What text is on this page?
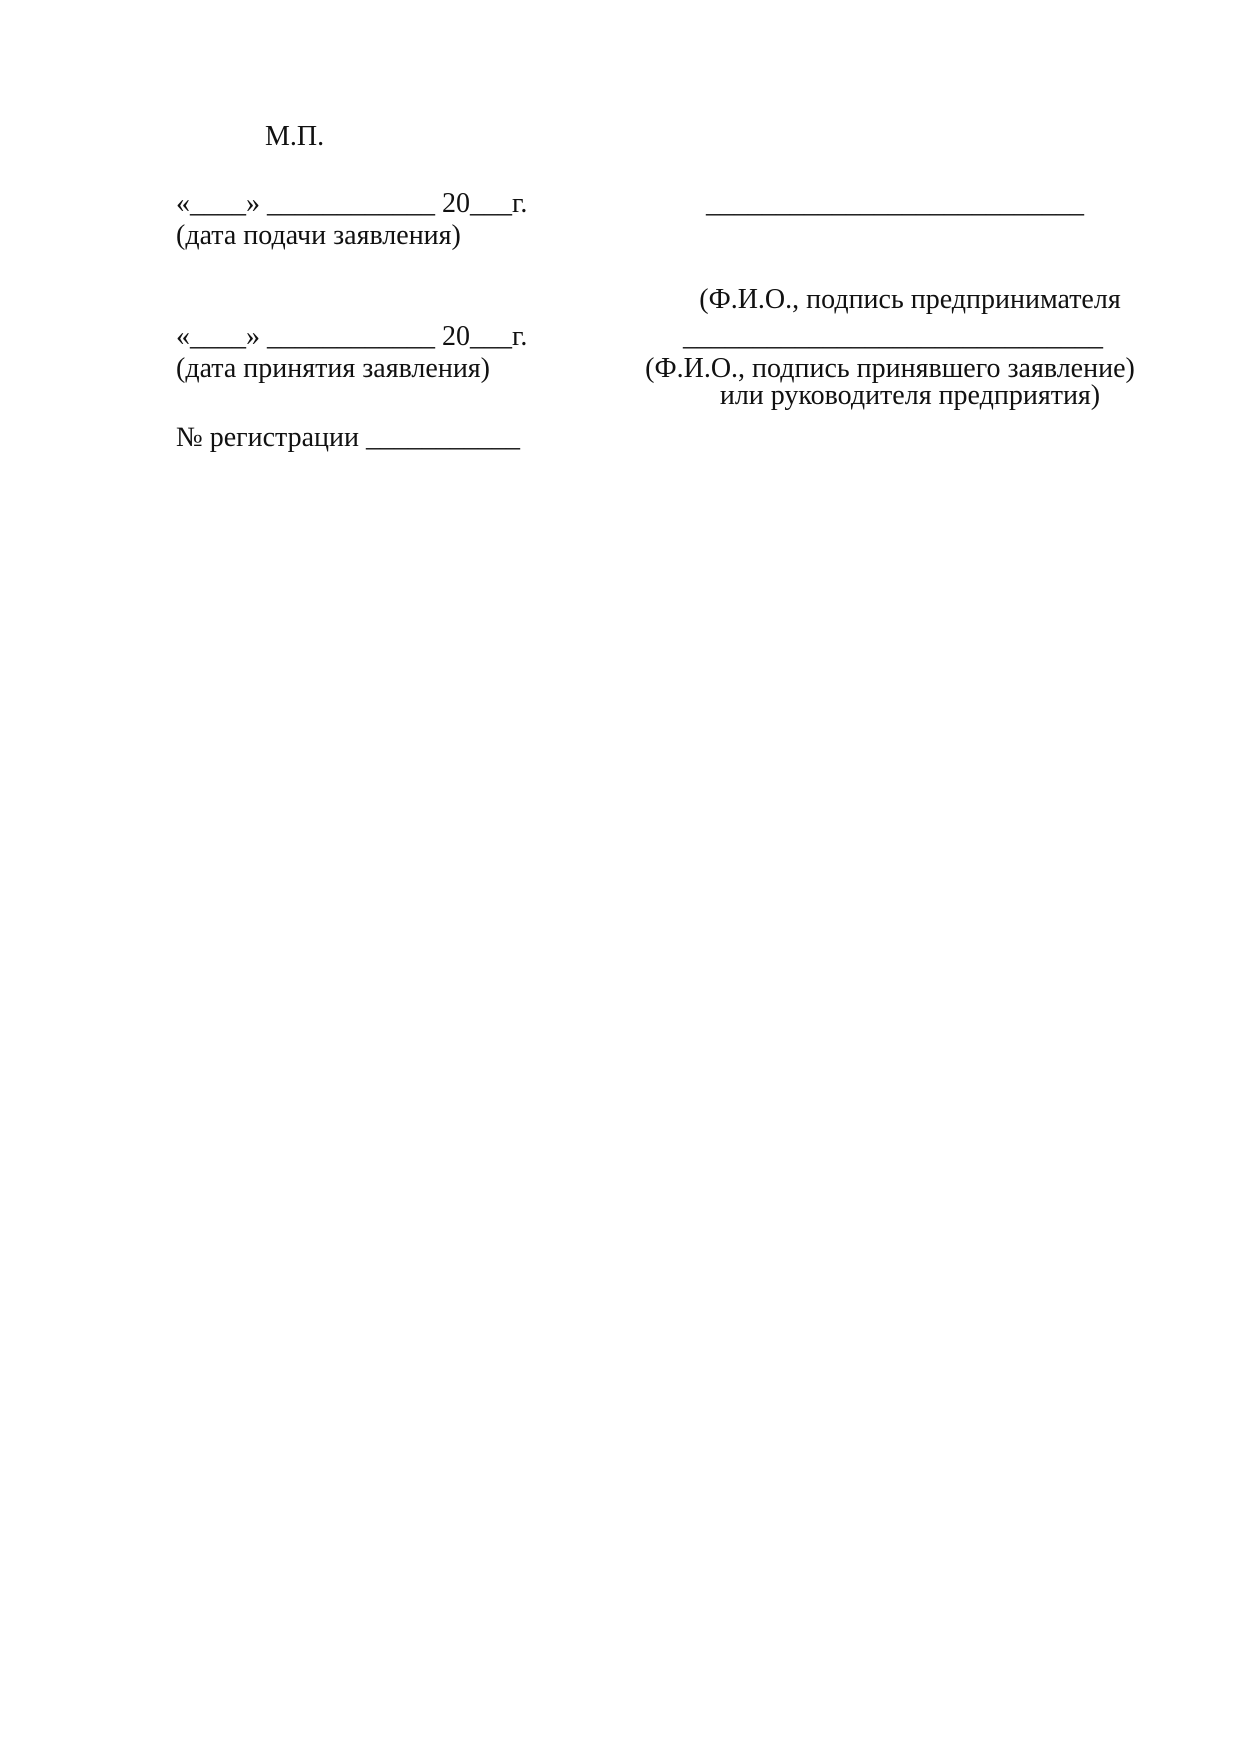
М.П.
«____» ____________ 20___г.
(дата подачи заявления)
___________________________

(Ф.И.О., подпись предпринимателя

или руководителя предприятия)

«____» ____________ 20___г.
(дата принятия заявления)
______________________________
(Ф.И.О., подпись принявшего заявление)
№ регистрации ___________
